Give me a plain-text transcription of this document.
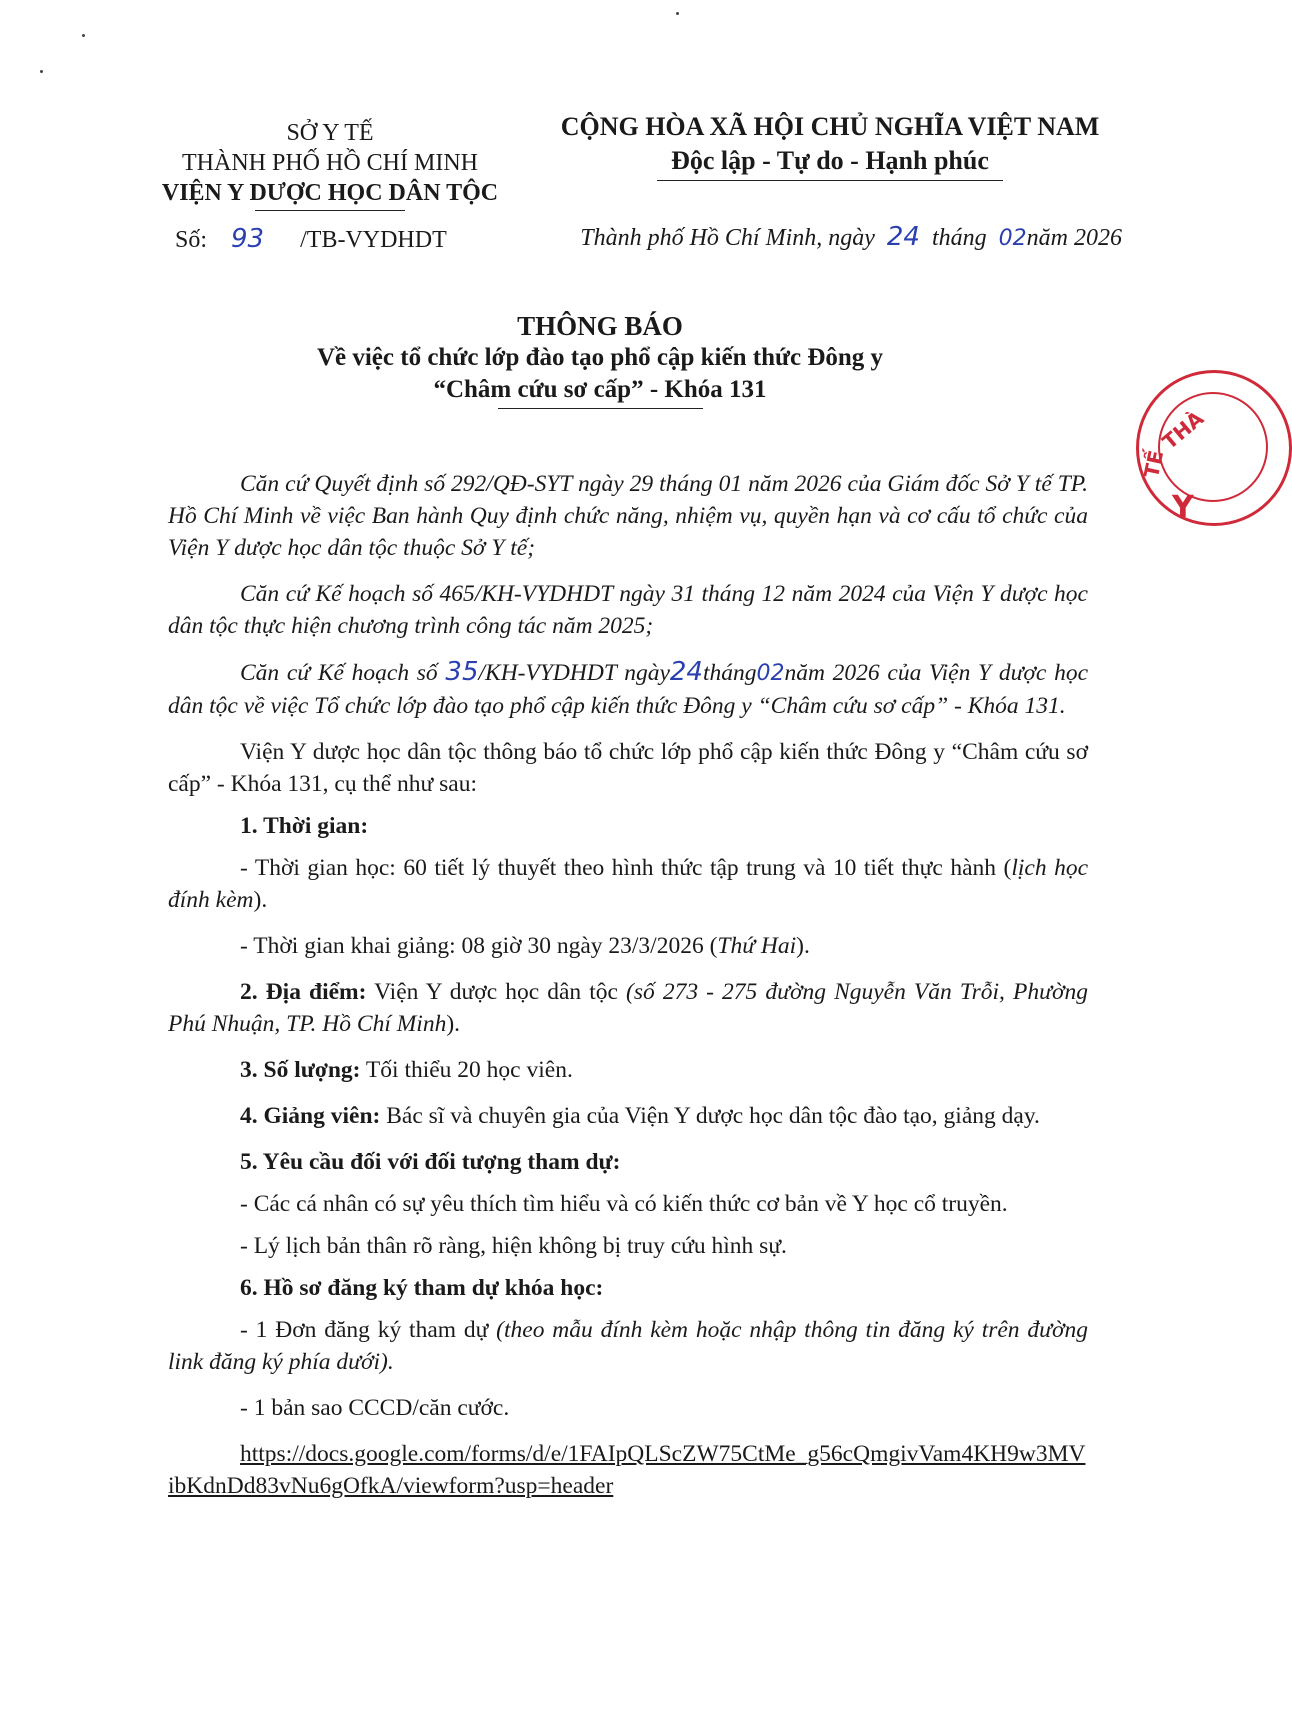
SỞ Y TẾ
THÀNH PHỐ HỒ CHÍ MINH
VIỆN Y DƯỢC HỌC DÂN TỘC
Số: 93 /TB-VYDHDT
CỘNG HÒA XÃ HỘI CHỦ NGHĨA VIỆT NAM
Độc lập - Tự do - Hạnh phúc
Thành phố Hồ Chí Minh, ngày 24 tháng 02năm 2026
THÔNG BÁO
Về việc tổ chức lớp đào tạo phổ cập kiến thức Đông y
“Châm cứu sơ cấp” - Khóa 131

Căn cứ Quyết định số 292/QĐ-SYT ngày 29 tháng 01 năm 2026 của Giám đốc Sở Y tế TP. Hồ Chí Minh về việc Ban hành Quy định chức năng, nhiệm vụ, quyền hạn và cơ cấu tổ chức của Viện Y dược học dân tộc thuộc Sở Y tế;

Căn cứ Kế hoạch số 465/KH-VYDHDT ngày 31 tháng 12 năm 2024 của Viện Y dược học dân tộc thực hiện chương trình công tác năm 2025;

Căn cứ Kế hoạch số 35/KH-VYDHDT ngày24tháng02năm 2026 của Viện Y dược học dân tộc về việc Tổ chức lớp đào tạo phổ cập kiến thức Đông y “Châm cứu sơ cấp” - Khóa 131.

Viện Y dược học dân tộc thông báo tổ chức lớp phổ cập kiến thức Đông y “Châm cứu sơ cấp” - Khóa 131, cụ thể như sau:

1. Thời gian:

- Thời gian học: 60 tiết lý thuyết theo hình thức tập trung và 10 tiết thực hành (lịch học đính kèm).

- Thời gian khai giảng: 08 giờ 30 ngày 23/3/2026 (Thứ Hai).

2. Địa điểm: Viện Y dược học dân tộc (số 273 - 275 đường Nguyễn Văn Trỗi, Phường Phú Nhuận, TP. Hồ Chí Minh).

3. Số lượng: Tối thiểu 20 học viên.

4. Giảng viên: Bác sĩ và chuyên gia của Viện Y dược học dân tộc đào tạo, giảng dạy.

5. Yêu cầu đối với đối tượng tham dự:

- Các cá nhân có sự yêu thích tìm hiểu và có kiến thức cơ bản về Y học cổ truyền.

- Lý lịch bản thân rõ ràng, hiện không bị truy cứu hình sự.

6. Hồ sơ đăng ký tham dự khóa học:

- 1 Đơn đăng ký tham dự (theo mẫu đính kèm hoặc nhập thông tin đăng ký trên đường link đăng ký phía dưới).

- 1 bản sao CCCD/căn cước.

https://docs.google.com/forms/d/e/1FAIpQLScZW75CtMe_g56cQmgivVam4KH9w3MVibKdnDd83vNu6gOfkA/viewform?usp=header

TẾ
Y
THÀ
